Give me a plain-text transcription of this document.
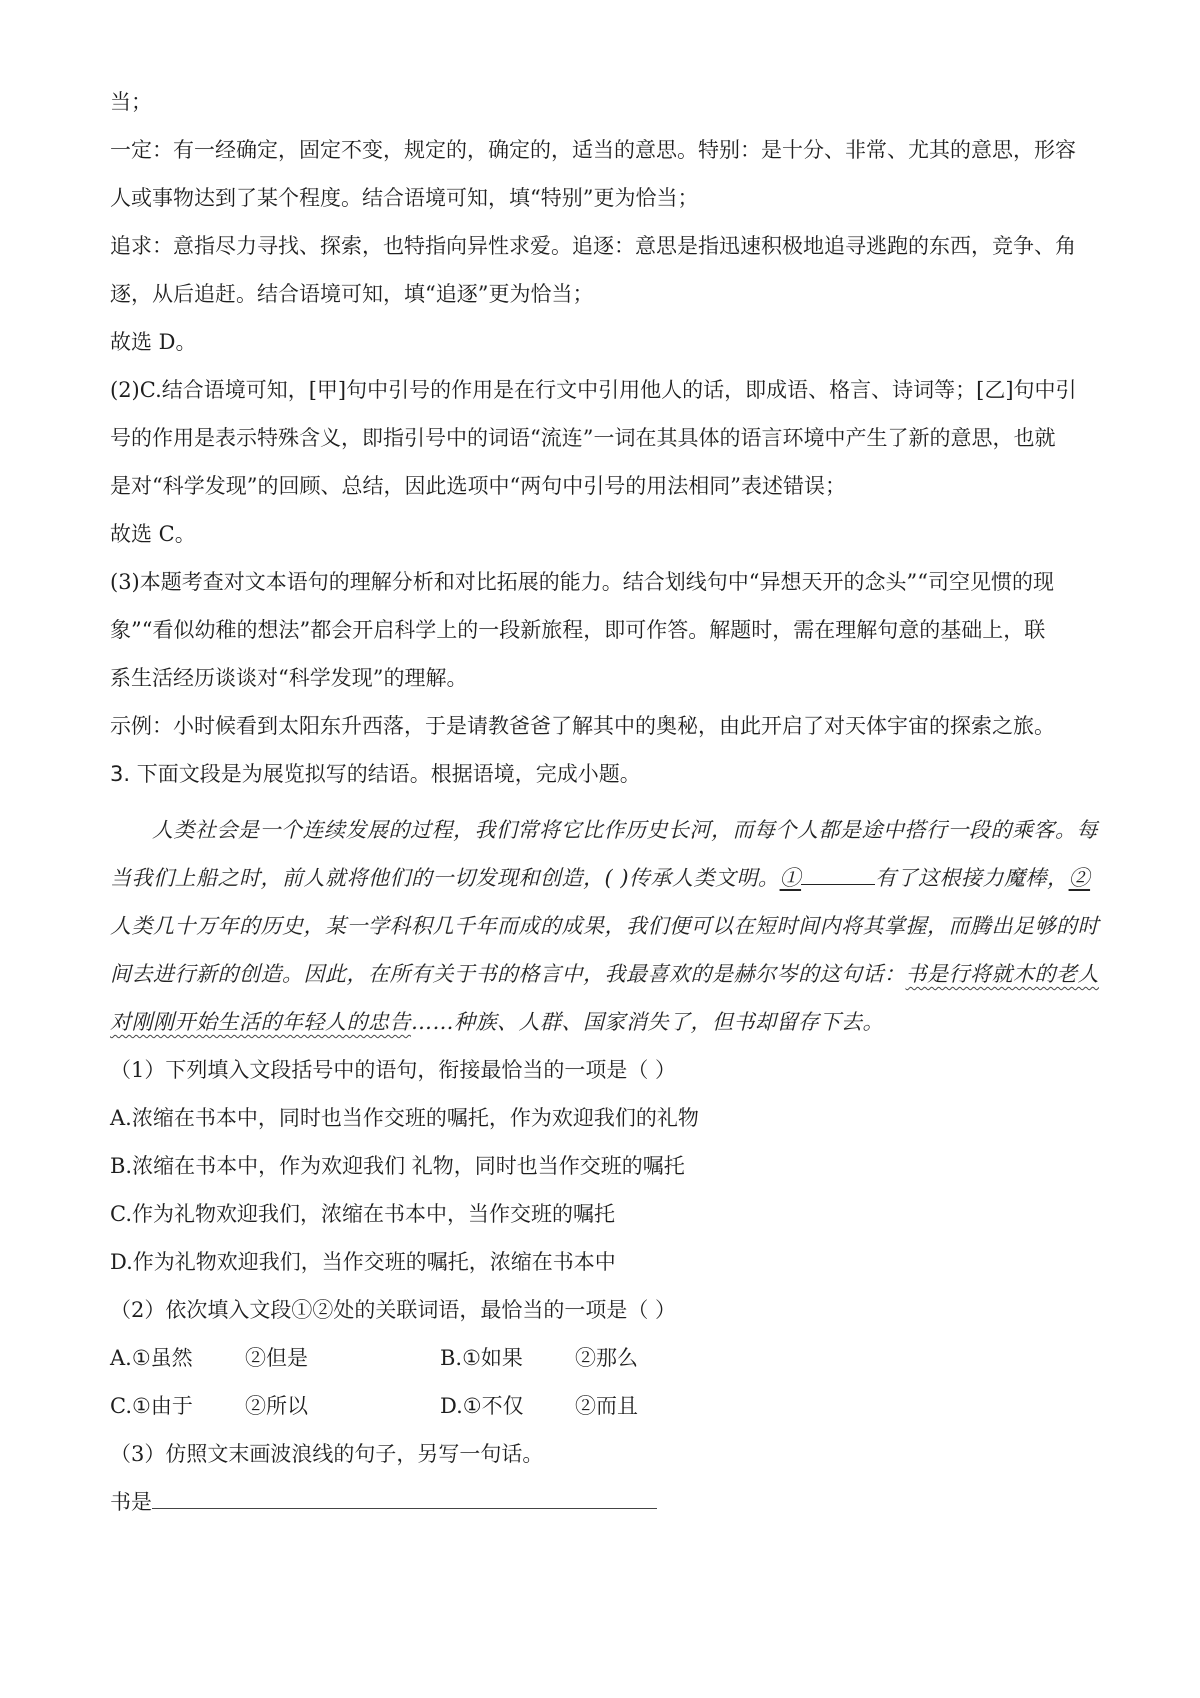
当；

一定：有一经确定，固定不变，规定的，确定的，适当的意思。特别：是十分、非常、尤其的意思，形容

人或事物达到了某个程度。结合语境可知，填“特别”更为恰当；

追求：意指尽力寻找、探索，也特指向异性求爱。追逐：意思是指迅速积极地追寻逃跑的东西，竞争、角

逐，从后追赶。结合语境可知，填“追逐”更为恰当；

故选 D。

(2)C.结合语境可知，[甲]句中引号的作用是在行文中引用他人的话，即成语、格言、诗词等；[乙]句中引

号的作用是表示特殊含义，即指引号中的词语“流连”一词在其具体的语言环境中产生了新的意思，也就

是对“科学发现”的回顾、总结，因此选项中“两句中引号的用法相同”表述错误；

故选 C。

(3)本题考查对文本语句的理解分析和对比拓展的能力。结合划线句中“异想天开的念头”“司空见惯的现

象”“看似幼稚的想法”都会开启科学上的一段新旅程，即可作答。解题时，需在理解句意的基础上，联

系生活经历谈谈对“科学发现”的理解。

示例：小时候看到太阳东升西落，于是请教爸爸了解其中的奥秘，由此开启了对天体宇宙的探索之旅。

3. 下面文段是为展览拟写的结语。根据语境，完成小题。

人类社会是一个连续发展的过程，我们常将它比作历史长河，而每个人都是途中搭行一段的乘客。每

当我们上船之时，前人就将他们的一切发现和创造，( )传承人类文明。①	有了这根接力魔棒，②

人类几十万年的历史，某一学科积几千年而成的成果，我们便可以在短时间内将其掌握，而腾出足够的时

间去进行新的创造。因此，在所有关于书的格言中，我最喜欢的是赫尔岑的这句话：书是行将就木的老人

对刚刚开始生活的年轻人的忠告……种族、人群、国家消失了，但书却留存下去。

（1）下列填入文段括号中的语句，衔接最恰当的一项是（ ）

A.浓缩在书本中，同时也当作交班的嘱托，作为欢迎我们的礼物

B.浓缩在书本中，作为欢迎我们 礼物，同时也当作交班的嘱托

C.作为礼物欢迎我们，浓缩在书本中，当作交班的嘱托

D.作为礼物欢迎我们，当作交班的嘱托，浓缩在书本中

（2）依次填入文段①②处的关联词语，最恰当的一项是（ ）

A.①虽然	②但是	B.①如果	②那么
C.①由于	②所以	D.①不仅	②而且

（3）仿照文末画波浪线的句子，另写一句话。

书是
